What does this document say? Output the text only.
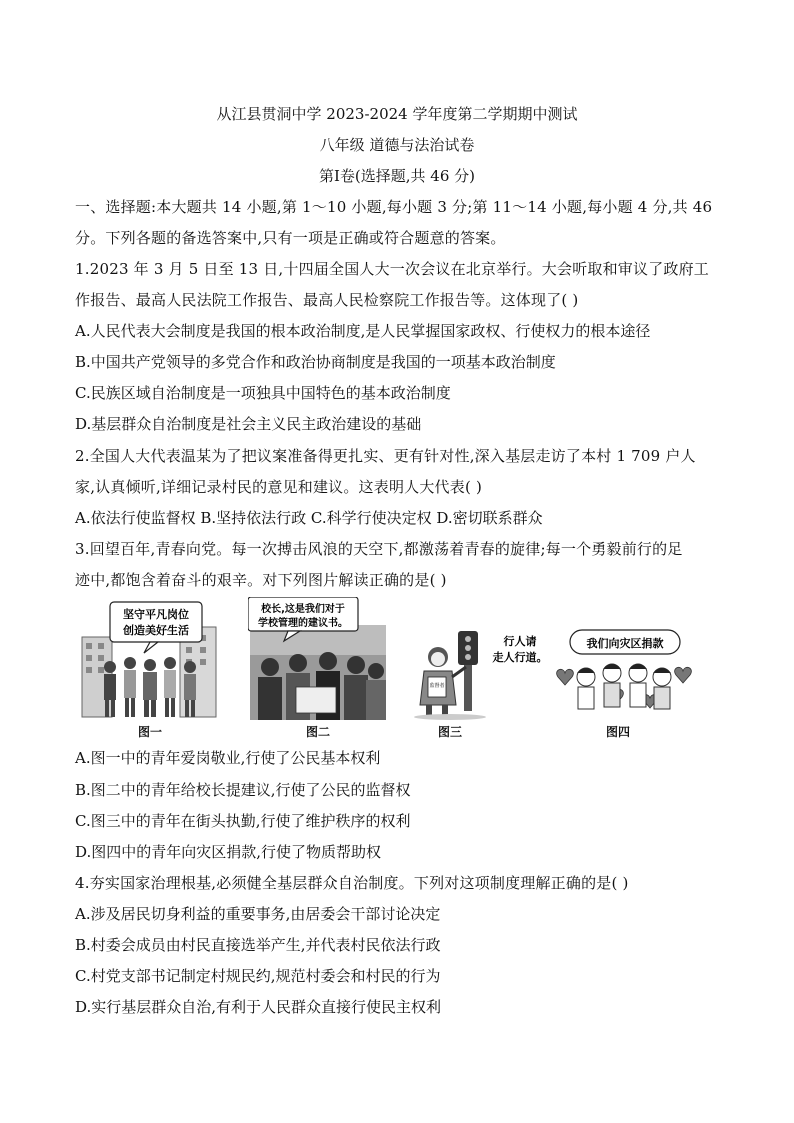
从江县贯洞中学 2023-2024 学年度第二学期期中测试
八年级 道德与法治试卷
第Ⅰ卷(选择题,共 46 分)
一、选择题:本大题共 14 小题,第 1～10 小题,每小题 3 分;第 11～14 小题,每小题 4 分,共 46
分。下列各题的备选答案中,只有一项是正确或符合题意的答案。
1.2023 年 3 月 5 日至 13 日,十四届全国人大一次会议在北京举行。大会听取和审议了政府工
作报告、最高人民法院工作报告、最高人民检察院工作报告等。这体现了( )
A.人民代表大会制度是我国的根本政治制度,是人民掌握国家政权、行使权力的根本途径
B.中国共产党领导的多党合作和政治协商制度是我国的一项基本政治制度
C.民族区域自治制度是一项独具中国特色的基本政治制度
D.基层群众自治制度是社会主义民主政治建设的基础
2.全国人大代表温某为了把议案准备得更扎实、更有针对性,深入基层走访了本村 1 709 户人
家,认真倾听,详细记录村民的意见和建议。这表明人大代表( )
A.依法行使监督权 B.坚持依法行政 C.科学行使决定权 D.密切联系群众
3.回望百年,青春向党。每一次搏击风浪的天空下,都激荡着青春的旋律;每一个勇毅前行的足
迹中,都饱含着奋斗的艰辛。对下列图片解读正确的是( )
坚守平凡岗位
创造美好生活
图一
校长,这是我们对于
学校管理的建议书。
图二
监督者
行人请
走人行道。
图三
我们向灾区捐款
图四
A.图一中的青年爱岗敬业,行使了公民基本权利
B.图二中的青年给校长提建议,行使了公民的监督权
C.图三中的青年在街头执勤,行使了维护秩序的权利
D.图四中的青年向灾区捐款,行使了物质帮助权
4.夯实国家治理根基,必须健全基层群众自治制度。下列对这项制度理解正确的是( )
A.涉及居民切身利益的重要事务,由居委会干部讨论决定
B.村委会成员由村民直接选举产生,并代表村民依法行政
C.村党支部书记制定村规民约,规范村委会和村民的行为
D.实行基层群众自治,有利于人民群众直接行使民主权利
